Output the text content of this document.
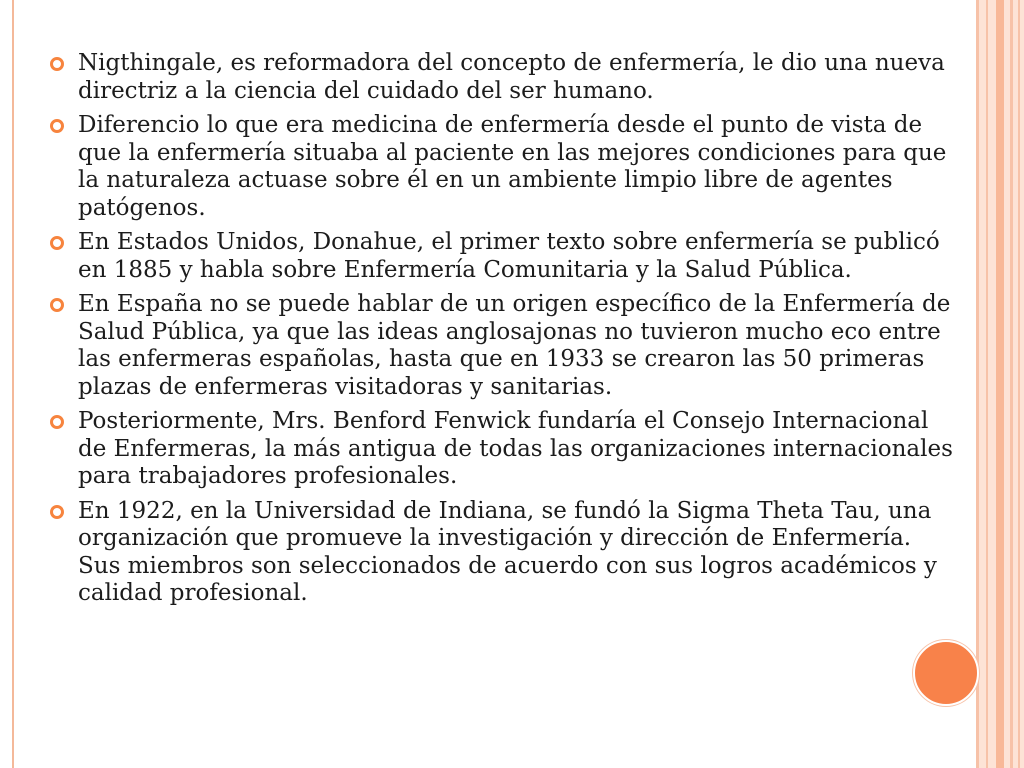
Nigthingale, es reformadora del concepto de enfermería, le dio una nueva directriz a la ciencia del cuidado del ser humano.
Diferencio lo que era medicina de enfermería desde el punto de vista de que la enfermería situaba al paciente en las mejores condiciones para que la naturaleza actuase sobre él en un ambiente limpio libre de agentes patógenos.
En Estados Unidos, Donahue, el primer texto sobre enfermería se publicó en 1885 y habla sobre Enfermería Comunitaria y la Salud Pública.
En España no se puede hablar de un origen específico de la Enfermería de Salud Pública, ya que las ideas anglosajonas no tuvieron mucho eco entre las enfermeras españolas, hasta que en 1933 se crearon las 50 primeras plazas de enfermeras visitadoras y sanitarias.
Posteriormente, Mrs. Benford Fenwick fundaría el Consejo Internacional de Enfermeras, la más antigua de todas las organizaciones internacionales para trabajadores profesionales.
En 1922, en la Universidad de Indiana, se fundó la Sigma Theta Tau, una organización que promueve la investigación y dirección de Enfermería. Sus miembros son seleccionados de acuerdo con sus logros académicos y calidad profesional.
